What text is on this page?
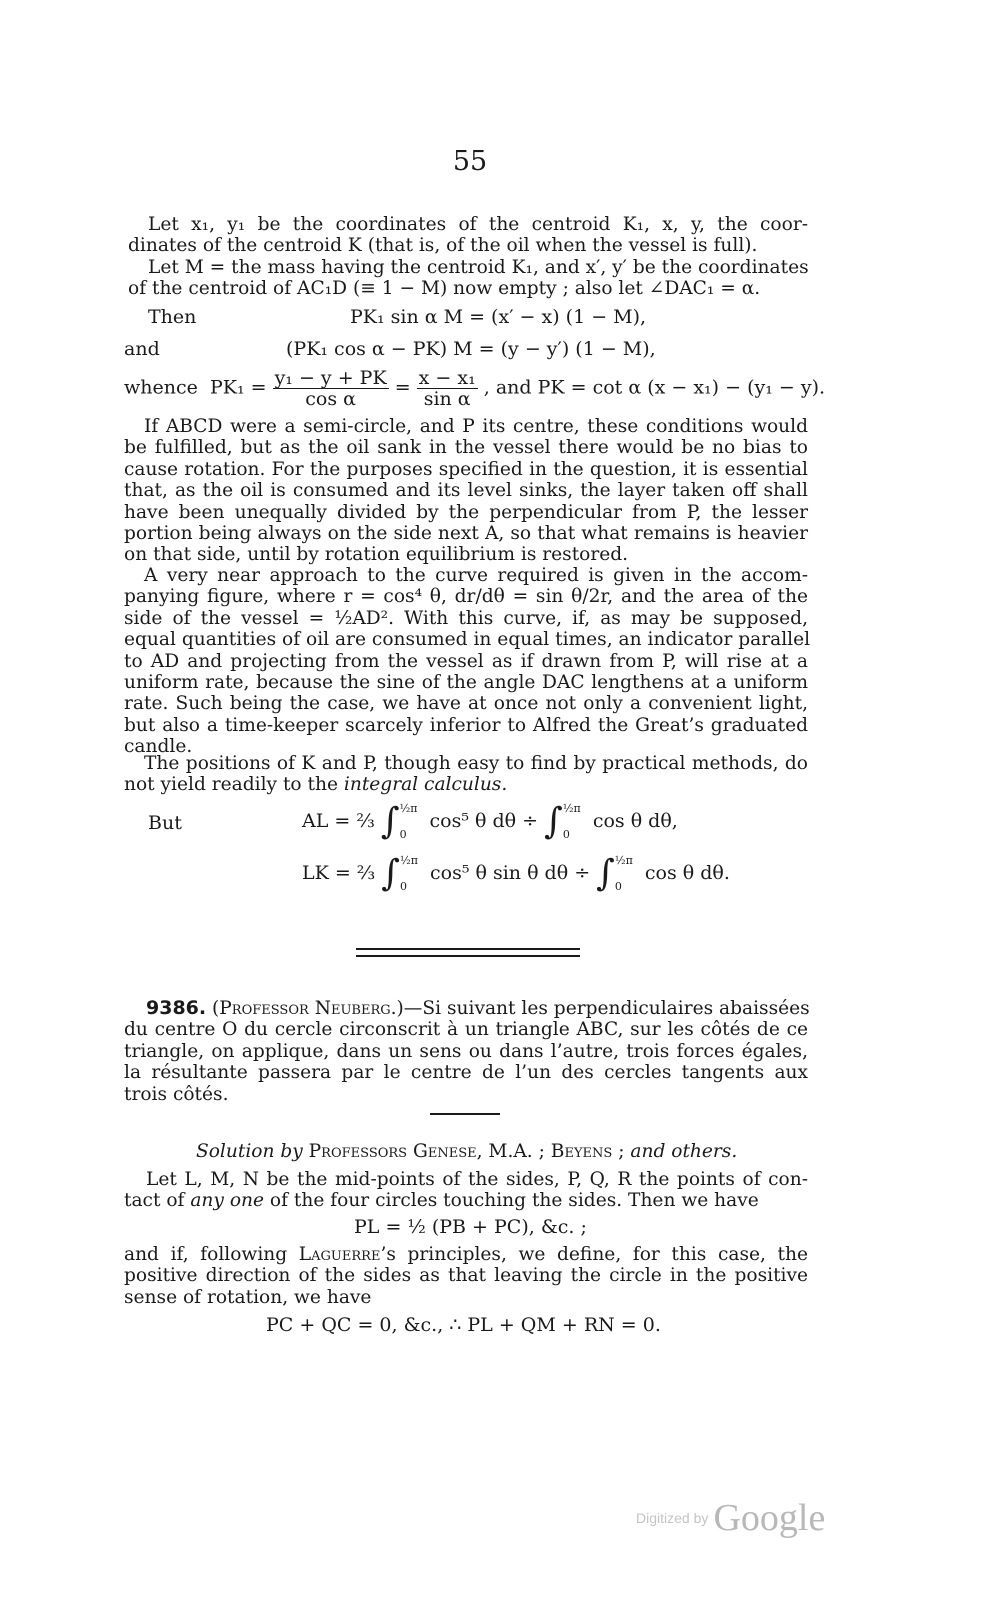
55
Let x₁, y₁ be the coordinates of the centroid K₁, x, y, the coor-
dinates of the centroid K (that is, of the oil when the vessel is full).
Let M = the mass having the centroid K₁, and x′, y′ be the coordinates
of the centroid of AC₁D (≡ 1 − M) now empty ; also let ∠DAC₁ = α.
Then	PK₁ sin α M = (x′ − x) (1 − M),
and	(PK₁ cos α − PK) M = (y − y′) (1 − M),
whence $PK_1 = \frac{\text{y₁ − y + PK}}{\text{cos α}} = \frac{\text{x − x₁}}{\text{sin α}}$ , and PK = cot α (x − x₁) − (y₁ − y).
If ABCD were a semi-circle, and P its centre, these conditions would
be fulfilled, but as the oil sank in the vessel there would be no bias to
cause rotation. For the purposes specified in the question, it is essential
that, as the oil is consumed and its level sinks, the layer taken off shall
have been unequally divided by the perpendicular from P, the lesser
portion being always on the side next A, so that what remains is heavier
on that side, until by rotation equilibrium is restored.
A very near approach to the curve required is given in the accom-
panying figure, where r = cos⁴ θ, dr/dθ = sin θ/2r, and the area of the
side of the vessel = ½AD². With this curve, if, as may be supposed,
equal quantities of oil are consumed in equal times, an indicator parallel
to AD and projecting from the vessel as if drawn from P, will rise at a
uniform rate, because the sine of the angle DAC lengthens at a uniform
rate. Such being the case, we have at once not only a convenient light,
but also a time-keeper scarcely inferior to Alfred the Great’s graduated
candle.
The positions of K and P, though easy to find by practical methods, do
not yield readily to the integral calculus.
But	AL = ⅔ ∫ ½π
0
cos⁵ θ dθ ÷ ∫ ½π
0
cos θ dθ,
LK = ⅔ ∫ ½π
0
cos⁵ θ sin θ dθ ÷ ∫ ½π
0
cos θ dθ.
9386. (Professor Neuberg.)—Si suivant les perpendiculaires abaissées
du centre O du cercle circonscrit à un triangle ABC, sur les côtés de ce
triangle, on applique, dans un sens ou dans l’autre, trois forces égales,
la résultante passera par le centre de l’un des cercles tangents aux
trois côtés.
Solution by Professors Genese, M.A. ; Beyens ; and others.
Let L, M, N be the mid-points of the sides, P, Q, R the points of con-
tact of any one of the four circles touching the sides. Then we have
PL = ½ (PB + PC), &c. ;
and if, following Laguerre’s principles, we define, for this case, the
positive direction of the sides as that leaving the circle in the positive
sense of rotation, we have
PC + QC = 0, &c., ∴ PL + QM + RN = 0.
Digitized by Google
